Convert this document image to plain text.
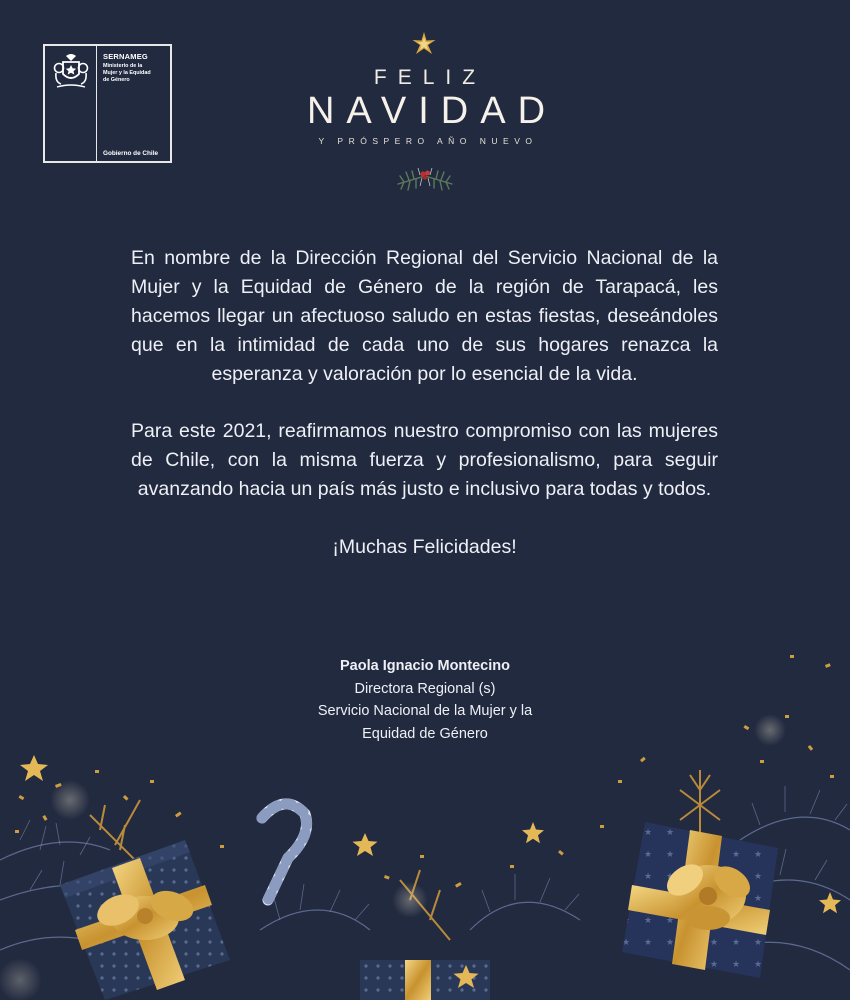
SERNAMEG
Ministerio de la
Mujer y la Equidad
de Género
Gobierno de Chile
FELIZ
NAVIDAD
Y PRÓSPERO AÑO NUEVO

En nombre de la Dirección Regional del Servicio Nacional de la Mujer y la Equidad de Género de la región de Tarapacá, les hacemos llegar un afectuoso saludo en estas fiestas, deseándoles que en la intimidad de cada uno de sus hogares renazca la esperanza y valoración por lo esencial de la vida.

Para este 2021, reafirmamos nuestro compromiso con las mujeres de Chile, con la misma fuerza y profesionalismo, para seguir avanzando hacia un país más justo e inclusivo para todas y todos.

¡Muchas Felicidades!

Paola Ignacio Montecino
Directora Regional (s)
Servicio Nacional de la Mujer y la
Equidad de Género
